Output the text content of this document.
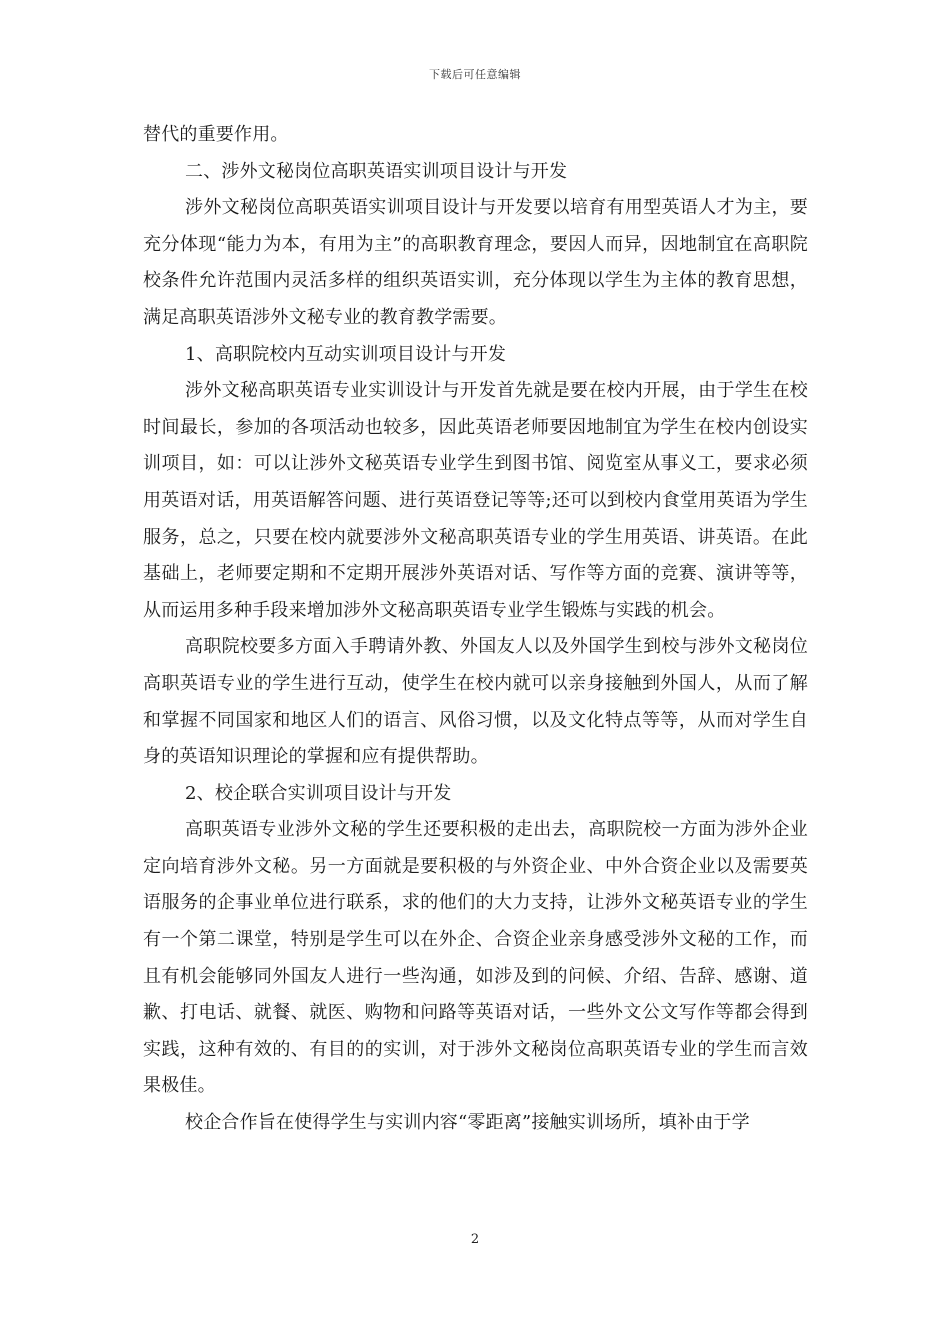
下载后可任意编辑

替代的重要作用。

二、涉外文秘岗位高职英语实训项目设计与开发

涉外文秘岗位高职英语实训项目设计与开发要以培育有用型英语人才为主，要充分体现“能力为本，有用为主”的高职教育理念，要因人而异，因地制宜在高职院校条件允许范围内灵活多样的组织英语实训，充分体现以学生为主体的教育思想，满足高职英语涉外文秘专业的教育教学需要。

1、高职院校内互动实训项目设计与开发

涉外文秘高职英语专业实训设计与开发首先就是要在校内开展，由于学生在校时间最长，参加的各项活动也较多，因此英语老师要因地制宜为学生在校内创设实训项目，如：可以让涉外文秘英语专业学生到图书馆、阅览室从事义工，要求必须用英语对话，用英语解答问题、进行英语登记等等;还可以到校内食堂用英语为学生服务，总之，只要在校内就要涉外文秘高职英语专业的学生用英语、讲英语。在此基础上，老师要定期和不定期开展涉外英语对话、写作等方面的竞赛、演讲等等，从而运用多种手段来增加涉外文秘高职英语专业学生锻炼与实践的机会。

高职院校要多方面入手聘请外教、外国友人以及外国学生到校与涉外文秘岗位高职英语专业的学生进行互动，使学生在校内就可以亲身接触到外国人，从而了解和掌握不同国家和地区人们的语言、风俗习惯，以及文化特点等等，从而对学生自身的英语知识理论的掌握和应有提供帮助。

2、校企联合实训项目设计与开发

高职英语专业涉外文秘的学生还要积极的走出去，高职院校一方面为涉外企业定向培育涉外文秘。另一方面就是要积极的与外资企业、中外合资企业以及需要英语服务的企事业单位进行联系，求的他们的大力支持，让涉外文秘英语专业的学生有一个第二课堂，特别是学生可以在外企、合资企业亲身感受涉外文秘的工作，而且有机会能够同外国友人进行一些沟通，如涉及到的问候、介绍、告辞、感谢、道歉、打电话、就餐、就医、购物和问路等英语对话，一些外文公文写作等都会得到实践，这种有效的、有目的的实训，对于涉外文秘岗位高职英语专业的学生而言效果极佳。

校企合作旨在使得学生与实训内容“零距离”接触实训场所，填补由于学

2
